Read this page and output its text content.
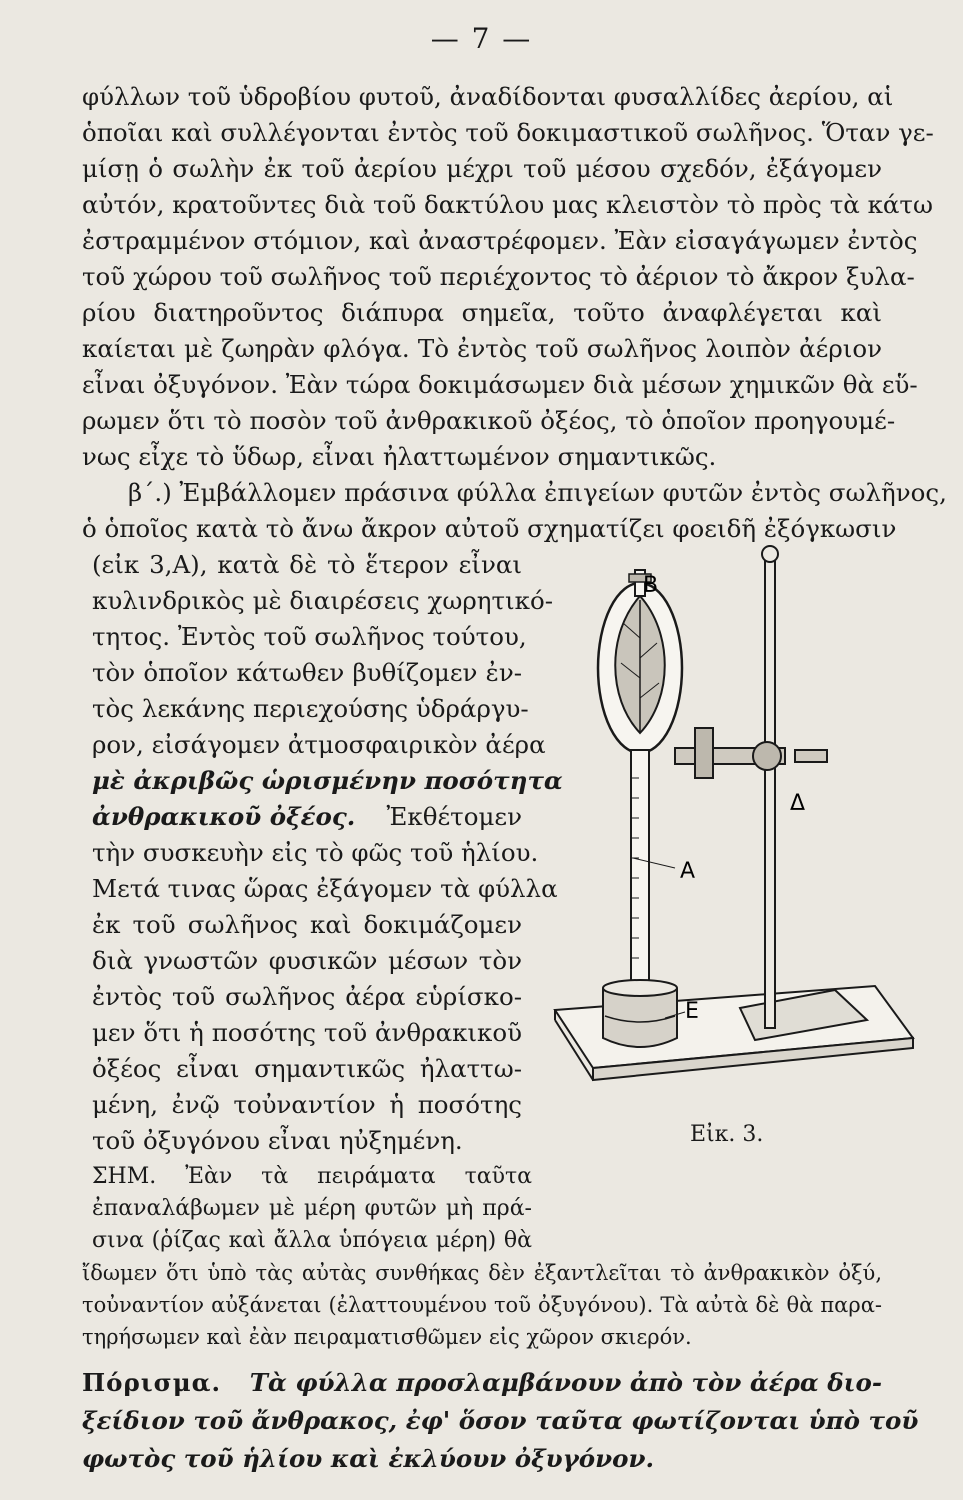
— 7 —
φύλλων τοῦ ὑδροβίου φυτοῦ, ἀναδίδονται φυσαλλίδες ἀερίου, αἱ
ὁποῖαι καὶ συλλέγονται ἐντὸς τοῦ δοκιμαστικοῦ σωλῆνος. Ὅταν γε-
μίσῃ ὁ σωλὴν ἐκ τοῦ ἀερίου μέχρι τοῦ μέσου σχεδόν, ἐξάγομεν
αὐτόν, κρατοῦντες διὰ τοῦ δακτύλου μας κλειστὸν τὸ πρὸς τὰ κάτω
ἐστραμμένον στόμιον, καὶ ἀναστρέφομεν. Ἐὰν εἰσαγάγωμεν ἐντὸς
τοῦ χώρου τοῦ σωλῆνος τοῦ περιέχοντος τὸ ἀέριον τὸ ἄκρον ξυλα-
ρίου διατηροῦντος διάπυρα σημεῖα, τοῦτο ἀναφλέγεται καὶ
καίεται μὲ ζωηρὰν φλόγα. Τὸ ἐντὸς τοῦ σωλῆνος λοιπὸν ἀέριον
εἶναι ὀξυγόνον. Ἐὰν τώρα δοκιμάσωμεν διὰ μέσων χημικῶν θὰ εὕ-
ρωμεν ὅτι τὸ ποσὸν τοῦ ἀνθρακικοῦ ὀξέος, τὸ ὁποῖον προηγουμέ-
νως εἶχε τὸ ὕδωρ, εἶναι ἠλαττωμένον σημαντικῶς.
β΄.) Ἐμβάλλομεν πράσινα φύλλα ἐπιγείων φυτῶν ἐντὸς σωλῆνος,
ὁ ὁποῖος κατὰ τὸ ἄνω ἄκρον αὐτοῦ σχηματίζει φοειδῆ ἐξόγκωσιν
(εἰκ 3,Α), κατὰ δὲ τὸ ἕτερον εἶναι
κυλινδρικὸς μὲ διαιρέσεις χωρητικό-
τητος. Ἐντὸς τοῦ σωλῆνος τούτου,
τὸν ὁποῖον κάτωθεν βυθίζομεν ἐν-
τὸς λεκάνης περιεχούσης ὑδράργυ-
ρον, εἰσάγομεν ἀτμοσφαιρικὸν ἀέρα
μὲ ἀκριβῶς ὡρισμένην ποσότητα
ἀνθρακικοῦ ὀξέος. Ἐκθέτομεν
τὴν συσκευὴν εἰς τὸ φῶς τοῦ ἡλίου.
Μετά τινας ὥρας ἐξάγομεν τὰ φύλλα
ἐκ τοῦ σωλῆνος καὶ δοκιμάζομεν
διὰ γνωστῶν φυσικῶν μέσων τὸν
ἐντὸς τοῦ σωλῆνος ἀέρα εὑρίσκο-
μεν ὅτι ἡ ποσότης τοῦ ἀνθρακικοῦ
ὀξέος εἶναι σημαντικῶς ἠλαττω-
μένη, ἐνῷ τοὐναντίον ἡ ποσότης
τοῦ ὀξυγόνου εἶναι ηὐξημένη.
ΣΗΜ. Ἐὰν τὰ πειράματα ταῦτα
ἐπαναλάβωμεν μὲ μέρη φυτῶν μὴ πρά-
σινα (ῥίζας καὶ ἄλλα ὑπόγεια μέρη) θὰ
ἴδωμεν ὅτι ὑπὸ τὰς αὐτὰς συνθήκας δὲν ἐξαντλεῖται τὸ ἀνθρακικὸν ὀξύ,
τοὐναντίον αὐξάνεται (ἐλαττουμένου τοῦ ὀξυγόνου). Τὰ αὐτὰ δὲ θὰ παρα-
τηρήσωμεν καὶ ἐὰν πειραματισθῶμεν εἰς χῶρον σκιερόν.
Πόρισμα. Τὰ φύλλα προσλαμβάνουν ἀπὸ τὸν ἀέρα διο-
ξείδιον τοῦ ἄνθρακος, ἐφ' ὅσον ταῦτα φωτίζονται ὑπὸ τοῦ
φωτὸς τοῦ ἡλίου καὶ ἐκλύουν ὀξυγόνον.
Β
Α
Ε
Δ
Εἰκ. 3.
